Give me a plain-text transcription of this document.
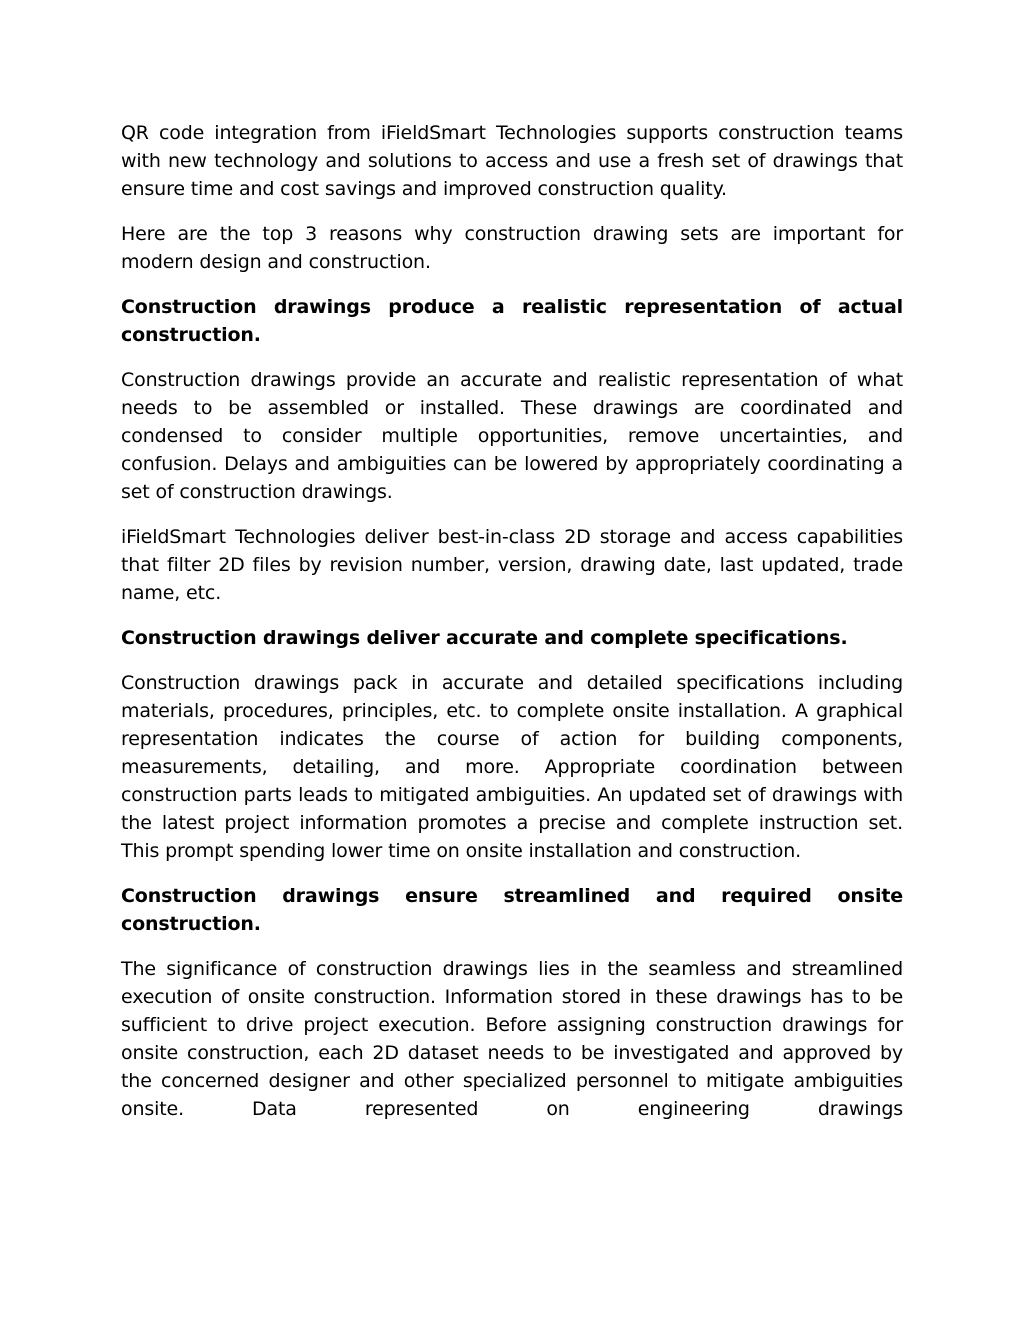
QR code integration from iFieldSmart Technologies supports construction teams with new technology and solutions to access and use a fresh set of drawings that ensure time and cost savings and improved construction quality.

Here are the top 3 reasons why construction drawing sets are important for modern design and construction.

Construction drawings produce a realistic representation of actual construction.

Construction drawings provide an accurate and realistic representation of what needs to be assembled or installed. These drawings are coordinated and condensed to consider multiple opportunities, remove uncertainties, and confusion. Delays and ambiguities can be lowered by appropriately coordinating a set of construction drawings.

iFieldSmart Technologies deliver best-in-class 2D storage and access capabilities that filter 2D files by revision number, version, drawing date, last updated, trade name, etc.

Construction drawings deliver accurate and complete specifications.

Construction drawings pack in accurate and detailed specifications including materials, procedures, principles, etc. to complete onsite installation. A graphical representation indicates the course of action for building components, measurements, detailing, and more. Appropriate coordination between construction parts leads to mitigated ambiguities. An updated set of drawings with the latest project information promotes a precise and complete instruction set. This prompt spending lower time on onsite installation and construction.

Construction drawings ensure streamlined and required onsite construction.

The significance of construction drawings lies in the seamless and streamlined execution of onsite construction. Information stored in these drawings has to be sufficient to drive project execution. Before assigning construction drawings for onsite construction, each 2D dataset needs to be investigated and approved by the concerned designer and other specialized personnel to mitigate ambiguities onsite. Data represented on engineering drawings
